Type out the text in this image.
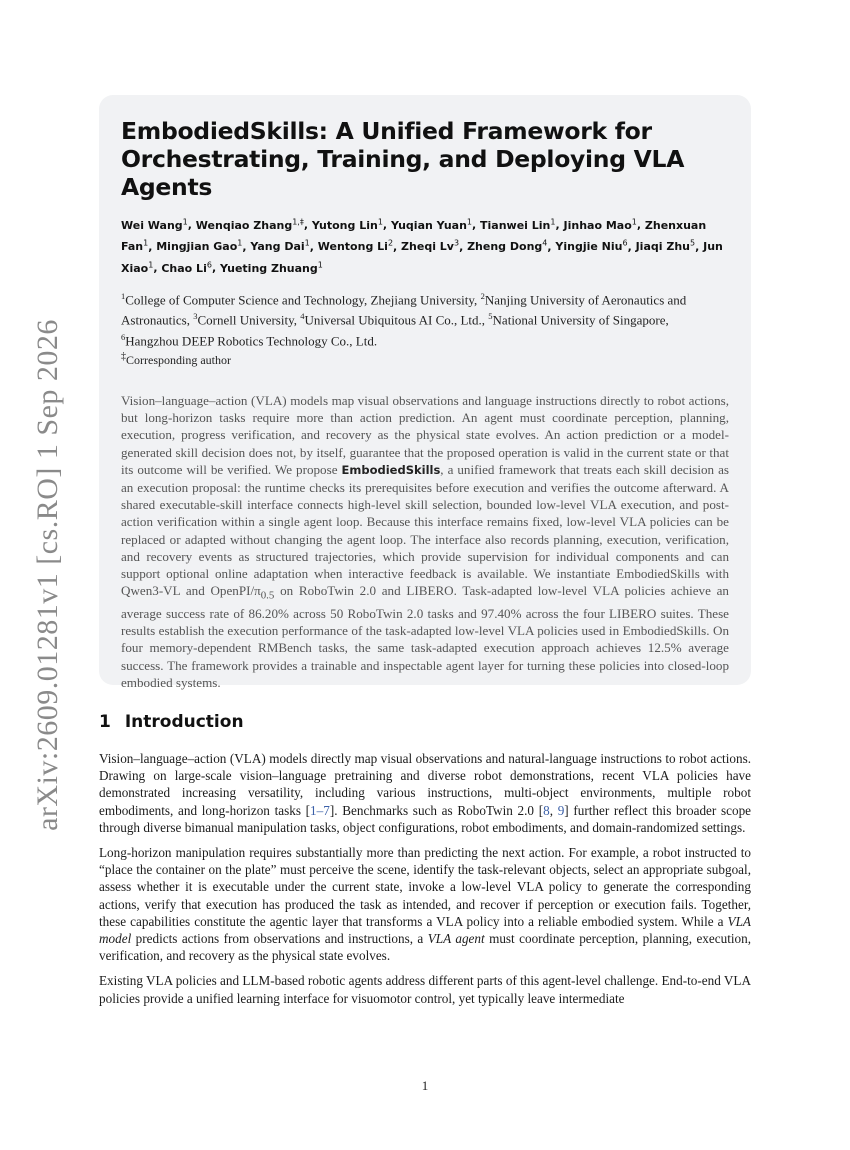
arXiv:2609.01281v1 [cs.RO] 1 Sep 2026
EmbodiedSkills: A Unified Framework for Orchestrating, Training, and Deploying VLA Agents
Wei Wang$^1$, Wenqiao Zhang$^{1,\ddagger}$, Yutong Lin$^1$, Yuqian Yuan$^1$, Tianwei Lin$^1$, Jinhao Mao$^1$, Zhenxuan Fan$^1$, Mingjian Gao$^1$, Yang Dai$^1$, Wentong Li$^2$, Zheqi Lv$^3$, Zheng Dong$^4$, Yingjie Niu$^6$, Jiaqi Zhu$^5$, Jun Xiao$^1$, Chao Li$^6$, Yueting Zhuang$^1$
$^1$College of Computer Science and Technology, Zhejiang University, $^2$Nanjing University of Aeronautics and Astronautics, $^3$Cornell University, $^4$Universal Ubiquitous AI Co., Ltd., $^5$National University of Singapore, $^6$Hangzhou DEEP Robotics Technology Co., Ltd.
‡Corresponding author
Vision–language–action (VLA) models map visual observations and language instructions directly to robot actions, but long-horizon tasks require more than action prediction. An agent must coordinate perception, planning, execution, progress verification, and recovery as the physical state evolves. An action prediction or a model-generated skill decision does not, by itself, guarantee that the proposed operation is valid in the current state or that its outcome will be verified. We propose EmbodiedSkills, a unified framework that treats each skill decision as an execution proposal: the runtime checks its prerequisites before execution and verifies the outcome afterward. A shared executable-skill interface connects high-level skill selection, bounded low-level VLA execution, and post-action verification within a single agent loop. Because this interface remains fixed, low-level VLA policies can be replaced or adapted without changing the agent loop. The interface also records planning, execution, verification, and recovery events as structured trajectories, which provide supervision for individual components and can support optional online adaptation when interactive feedback is available. We instantiate EmbodiedSkills with Qwen3-VL and OpenPI/$\pi_{0.5}$ on RoboTwin 2.0 and LIBERO. Task-adapted low-level VLA policies achieve an average success rate of 86.20% across 50 RoboTwin 2.0 tasks and 97.40% across the four LIBERO suites. These results establish the execution performance of the task-adapted low-level VLA policies used in EmbodiedSkills. On four memory-dependent RMBench tasks, the same task-adapted execution approach achieves 12.5% average success. The framework provides a trainable and inspectable agent layer for turning these policies into closed-loop embodied systems.
1 Introduction

Vision–language–action (VLA) models directly map visual observations and natural-language instructions to robot actions. Drawing on large-scale vision–language pretraining and diverse robot demonstrations, recent VLA policies have demonstrated increasing versatility, including various instructions, multi-object environments, multiple robot embodiments, and long-horizon tasks [1–7]. Benchmarks such as RoboTwin 2.0 [8, 9] further reflect this broader scope through diverse bimanual manipulation tasks, object configurations, robot embodiments, and domain-randomized settings.

Long-horizon manipulation requires substantially more than predicting the next action. For example, a robot instructed to “place the container on the plate” must perceive the scene, identify the task-relevant objects, select an appropriate subgoal, assess whether it is executable under the current state, invoke a low-level VLA policy to generate the corresponding actions, verify that execution has produced the task as intended, and recover if perception or execution fails. Together, these capabilities constitute the agentic layer that transforms a VLA policy into a reliable embodied system. While a VLA model predicts actions from observations and instructions, a VLA agent must coordinate perception, planning, execution, verification, and recovery as the physical state evolves.

Existing VLA policies and LLM-based robotic agents address different parts of this agent-level challenge. End-to-end VLA policies provide a unified learning interface for visuomotor control, yet typically leave intermediate

1
